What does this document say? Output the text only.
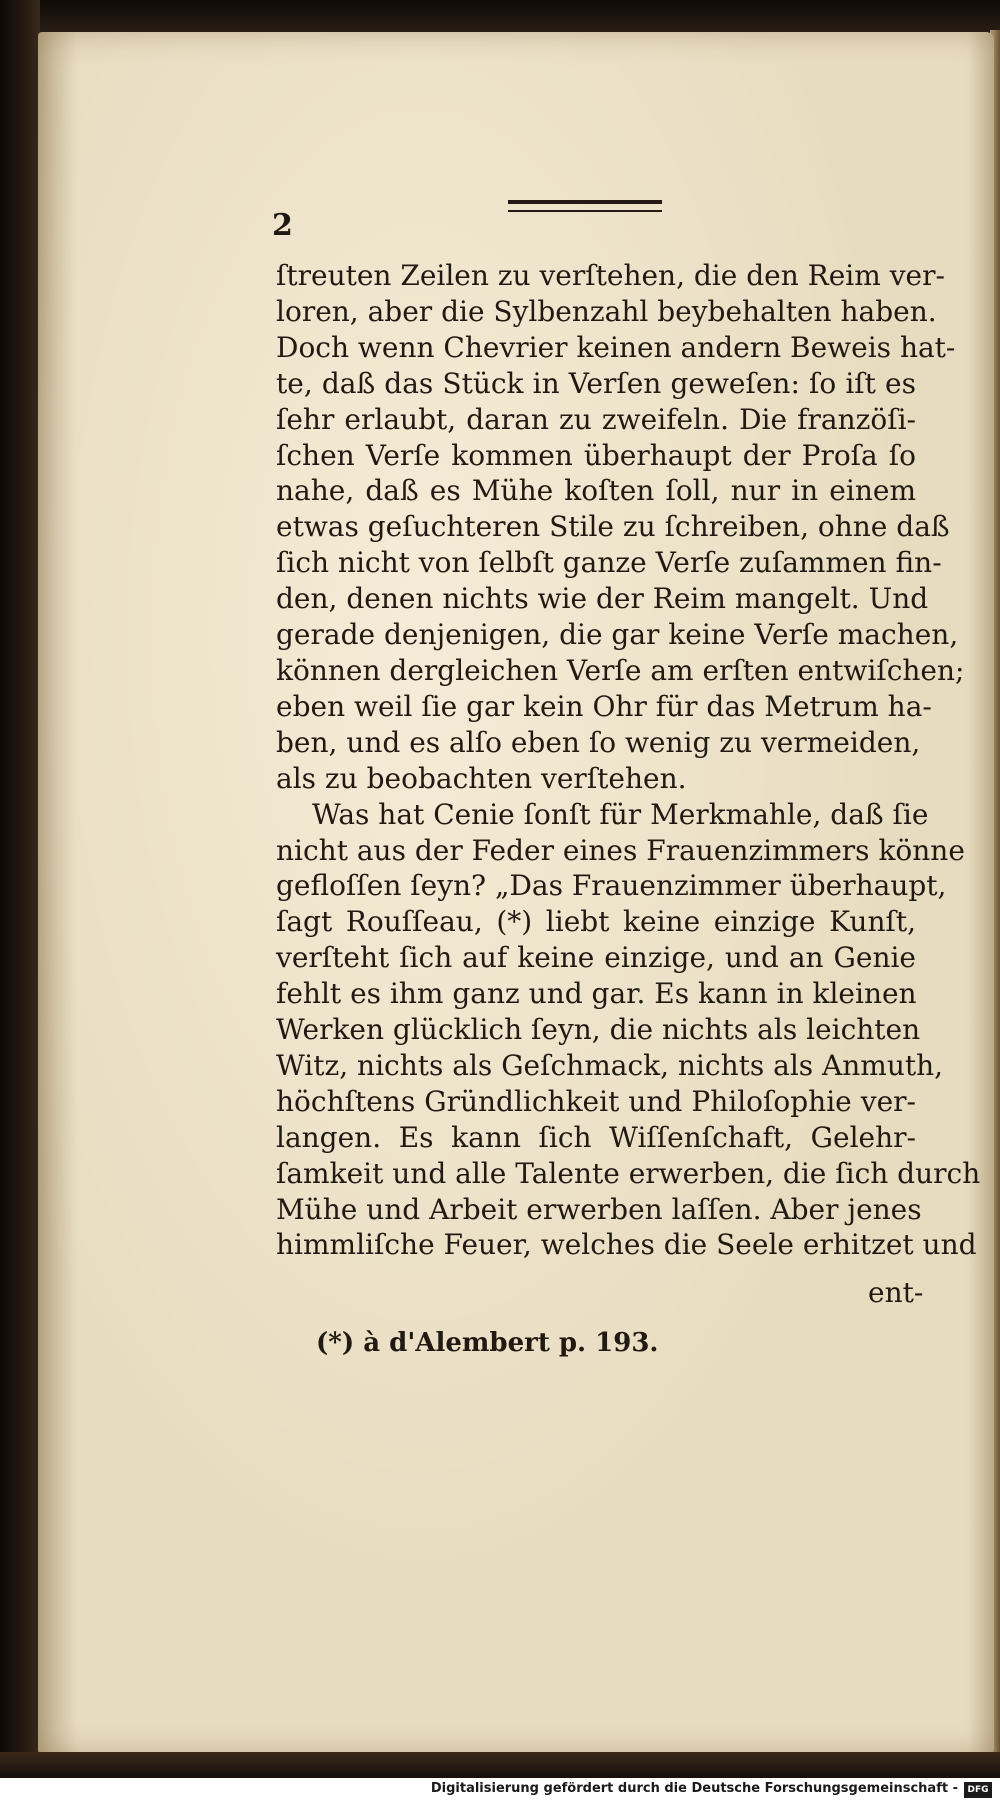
2
ſtreuten Zeilen zu verſtehen, die den Reim ver-
loren, aber die Sylbenzahl beybehalten haben.
Doch wenn Chevrier keinen andern Beweis hat-
te, daß das Stück in Verſen geweſen: ſo iſt es
ſehr erlaubt, daran zu zweifeln. Die franzöſi-
ſchen Verſe kommen überhaupt der Proſa ſo
nahe, daß es Mühe koſten ſoll, nur in einem
etwas geſuchteren Stile zu ſchreiben, ohne daß
ſich nicht von ſelbſt ganze Verſe zuſammen fin-
den, denen nichts wie der Reim mangelt. Und
gerade denjenigen, die gar keine Verſe machen,
können dergleichen Verſe am erſten entwiſchen;
eben weil ſie gar kein Ohr für das Metrum ha-
ben, und es alſo eben ſo wenig zu vermeiden,
als zu beobachten verſtehen.
Was hat Cenie ſonſt für Merkmahle, daß ſie
nicht aus der Feder eines Frauenzimmers könne
gefloſſen ſeyn? „Das Frauenzimmer überhaupt,
ſagt Rouſſeau, (*) liebt keine einzige Kunſt,
verſteht ſich auf keine einzige, und an Genie
fehlt es ihm ganz und gar. Es kann in kleinen
Werken glücklich ſeyn, die nichts als leichten
Witz, nichts als Geſchmack, nichts als Anmuth,
höchſtens Gründlichkeit und Philoſophie ver-
langen. Es kann ſich Wiſſenſchaft, Gelehr-
ſamkeit und alle Talente erwerben, die ſich durch
Mühe und Arbeit erwerben laſſen. Aber jenes
himmliſche Feuer, welches die Seele erhitzet und
ent-
(*) à d'Alembert p. 193.
Digitalisierung gefördert durch die Deutsche Forschungsgemeinschaft -	DFG
